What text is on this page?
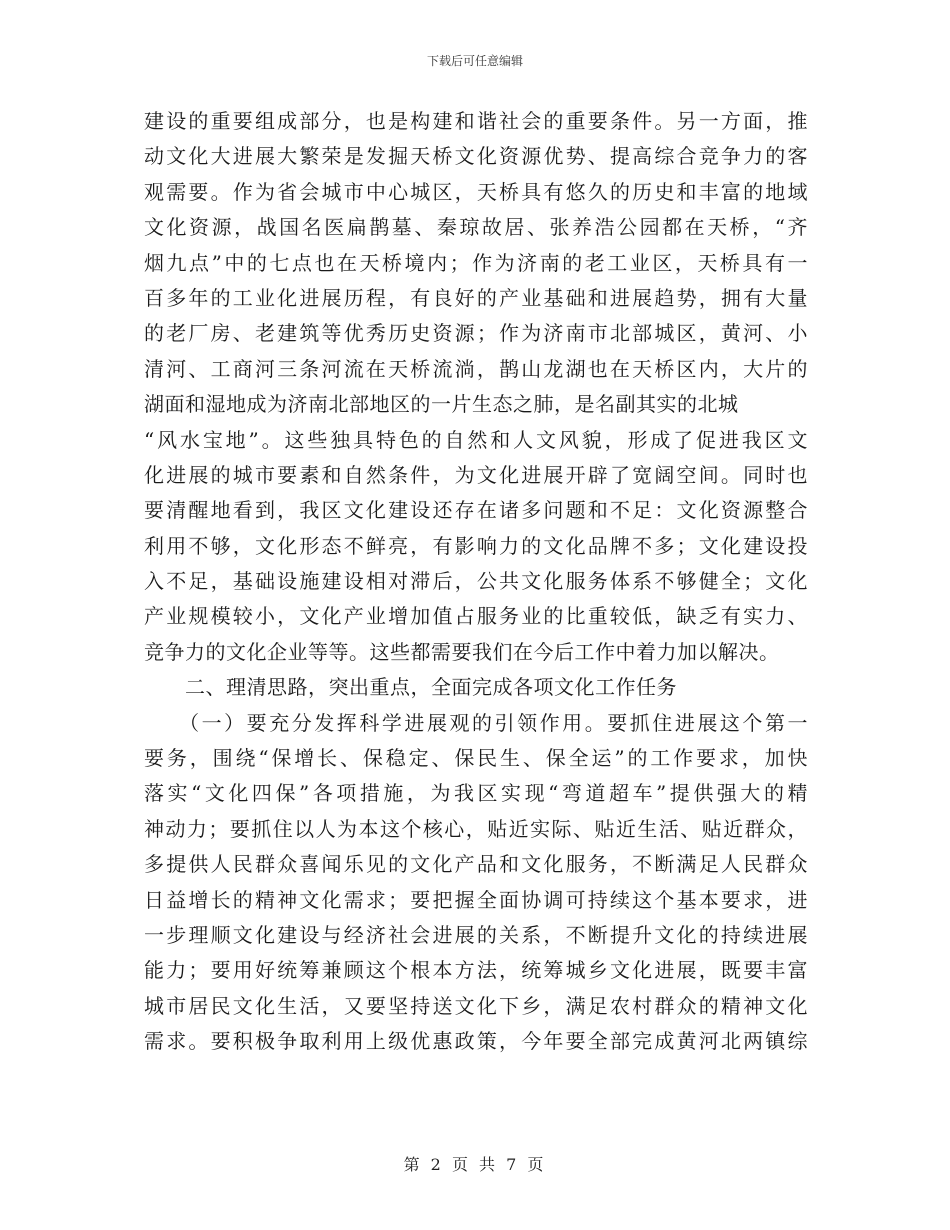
下载后可任意编辑
建设的重要组成部分，也是构建和谐社会的重要条件。另一方面，推
动文化大进展大繁荣是发掘天桥文化资源优势、提高综合竞争力的客
观需要。作为省会城市中心城区，天桥具有悠久的历史和丰富的地域
文化资源，战国名医扁鹊墓、秦琼故居、张养浩公园都在天桥，“齐
烟九点”中的七点也在天桥境内；作为济南的老工业区，天桥具有一
百多年的工业化进展历程，有良好的产业基础和进展趋势，拥有大量
的老厂房、老建筑等优秀历史资源；作为济南市北部城区，黄河、小
清河、工商河三条河流在天桥流淌，鹊山龙湖也在天桥区内，大片的
湖面和湿地成为济南北部地区的一片生态之肺，是名副其实的北城
“风水宝地”。这些独具特色的自然和人文风貌，形成了促进我区文
化进展的城市要素和自然条件，为文化进展开辟了宽阔空间。同时也
要清醒地看到，我区文化建设还存在诸多问题和不足：文化资源整合
利用不够，文化形态不鲜亮，有影响力的文化品牌不多；文化建设投
入不足，基础设施建设相对滞后，公共文化服务体系不够健全；文化
产业规模较小，文化产业增加值占服务业的比重较低，缺乏有实力、
竞争力的文化企业等等。这些都需要我们在今后工作中着力加以解决。
　　二、理清思路，突出重点，全面完成各项文化工作任务
　　（一）要充分发挥科学进展观的引领作用。要抓住进展这个第一
要务，围绕“保增长、保稳定、保民生、保全运”的工作要求，加快
落实“文化四保”各项措施，为我区实现“弯道超车”提供强大的精
神动力；要抓住以人为本这个核心，贴近实际、贴近生活、贴近群众，
多提供人民群众喜闻乐见的文化产品和文化服务，不断满足人民群众
日益增长的精神文化需求；要把握全面协调可持续这个基本要求，进
一步理顺文化建设与经济社会进展的关系，不断提升文化的持续进展
能力；要用好统筹兼顾这个根本方法，统筹城乡文化进展，既要丰富
城市居民文化生活，又要坚持送文化下乡，满足农村群众的精神文化
需求。要积极争取利用上级优惠政策，今年要全部完成黄河北两镇综
第 2 页 共 7 页
